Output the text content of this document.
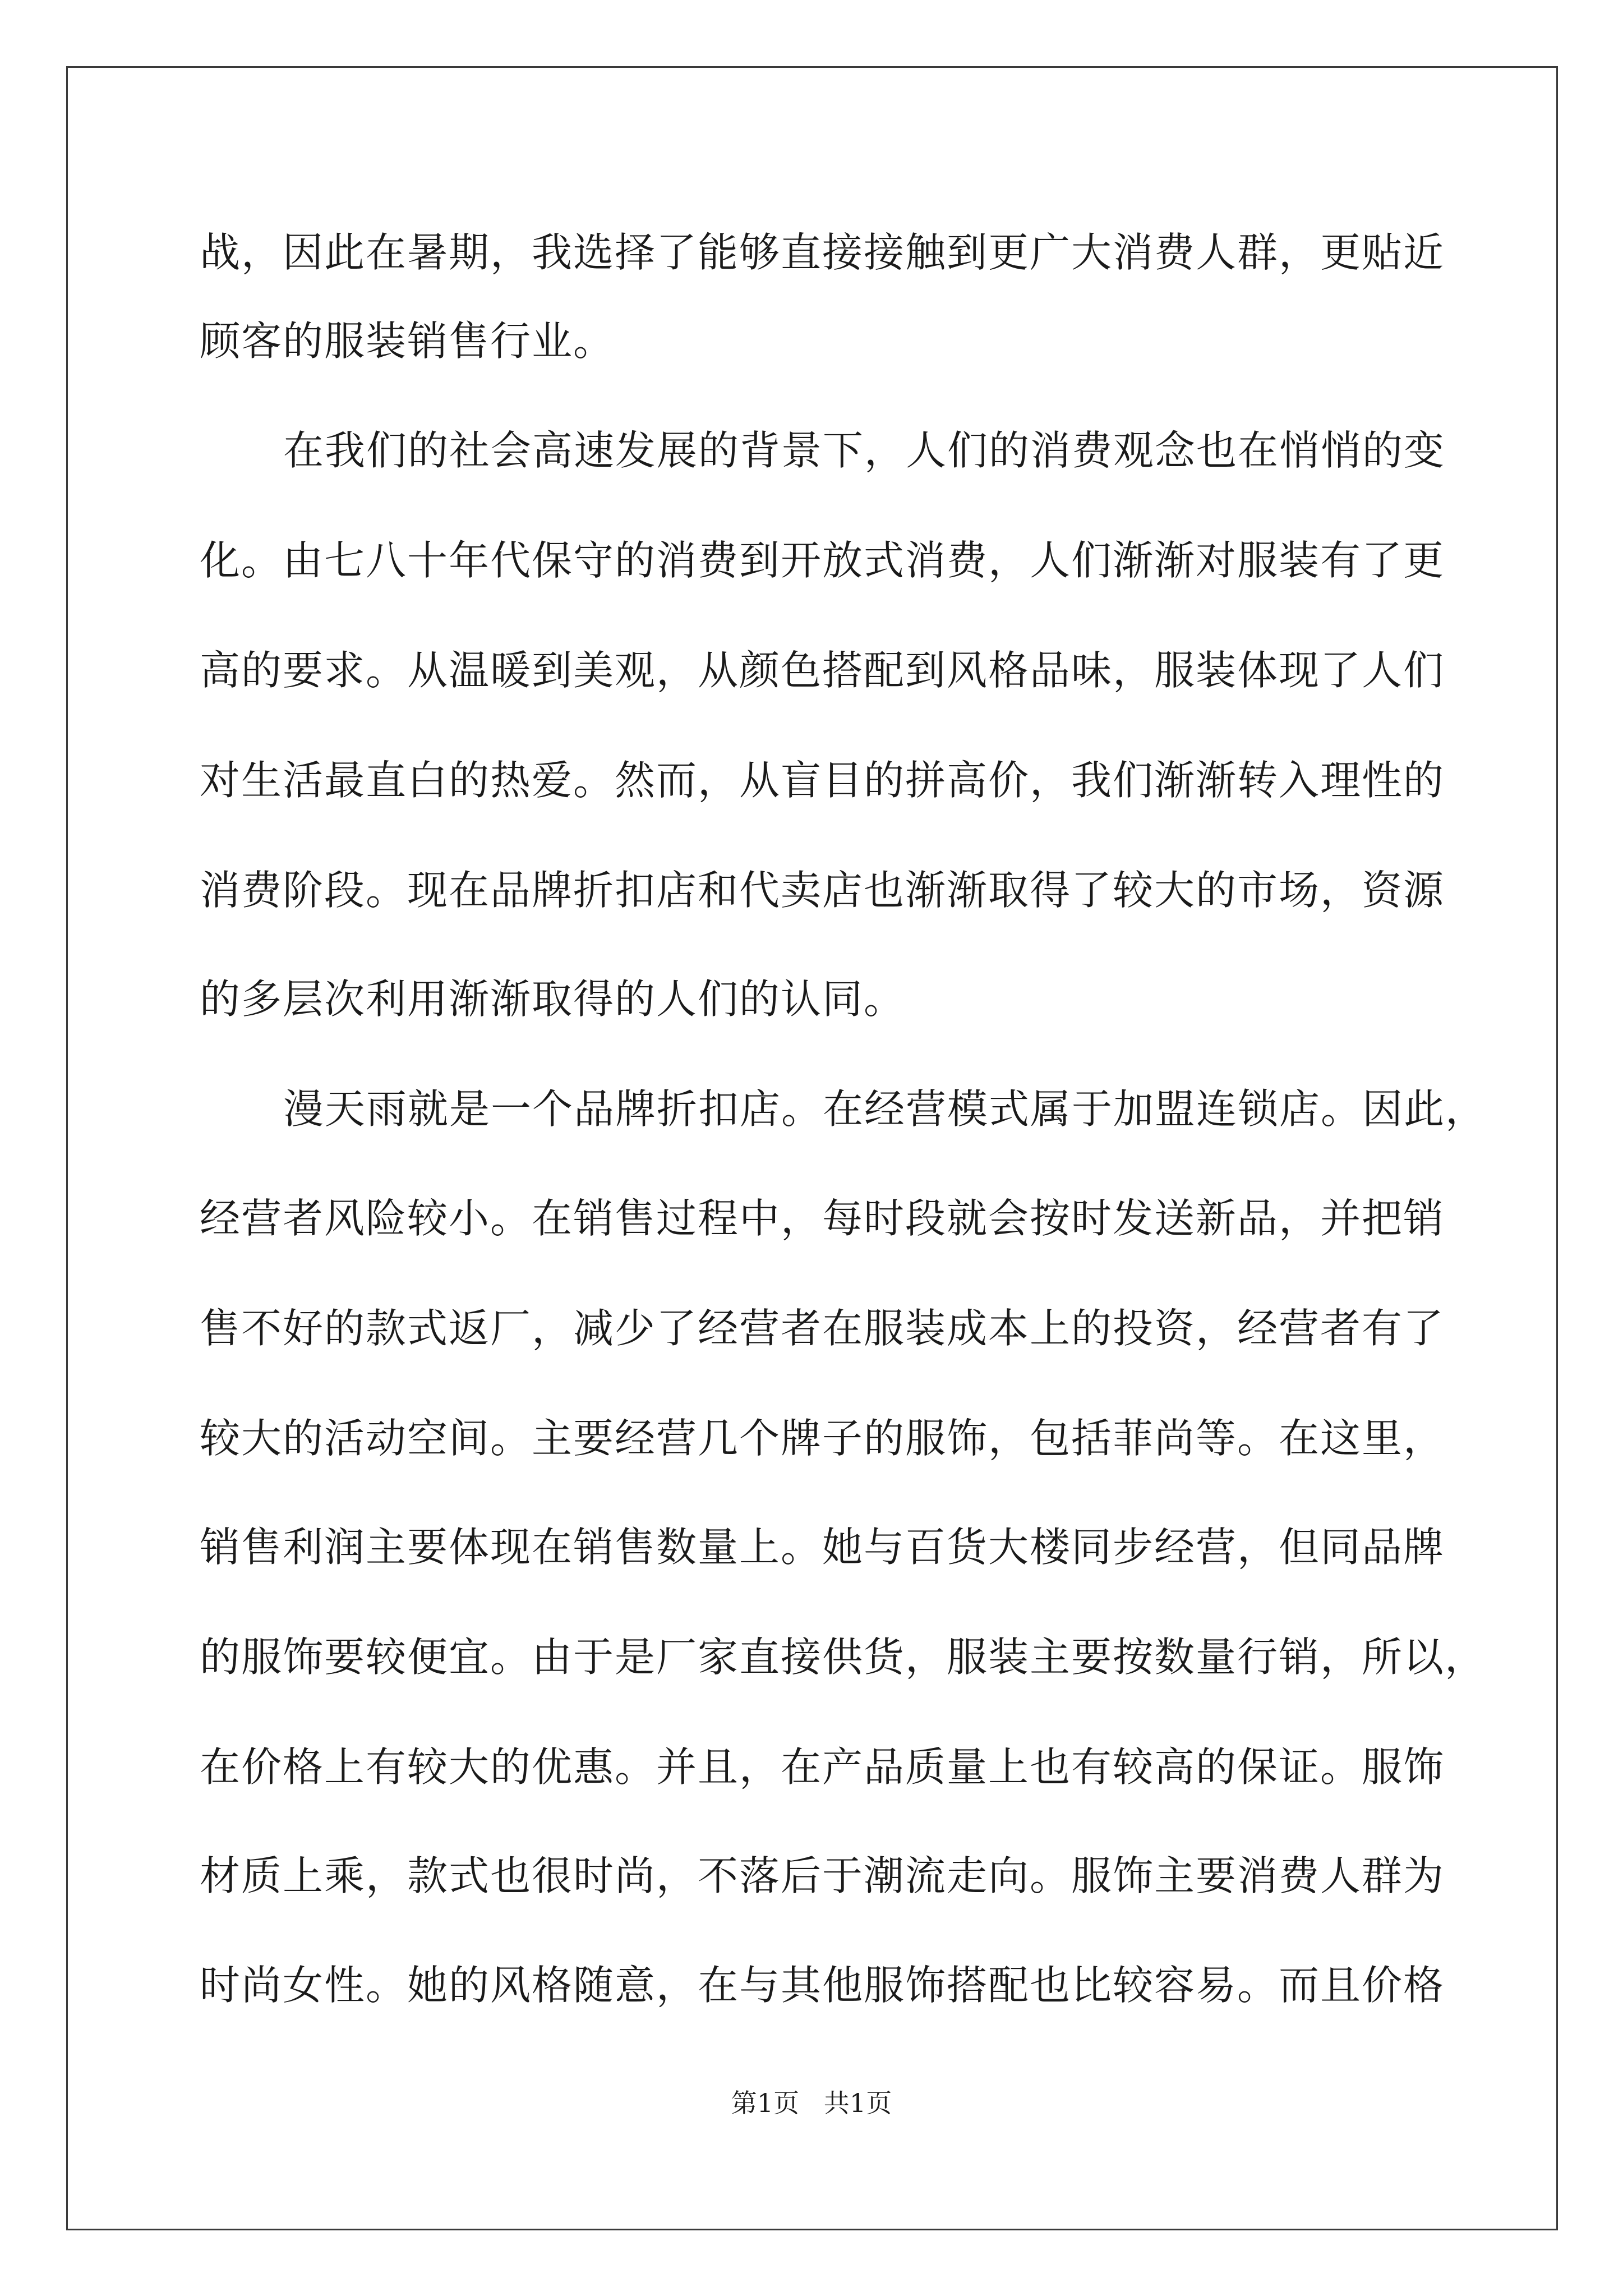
战，因此在暑期，我选择了能够直接接触到更广大消费人群，更贴近
顾客的服装销售行业。
在我们的社会高速发展的背景下，人们的消费观念也在悄悄的变
化。由七八十年代保守的消费到开放式消费，人们渐渐对服装有了更
高的要求。从温暖到美观，从颜色搭配到风格品味，服装体现了人们
对生活最直白的热爱。然而，从盲目的拼高价，我们渐渐转入理性的
消费阶段。现在品牌折扣店和代卖店也渐渐取得了较大的市场，资源
的多层次利用渐渐取得的人们的认同。
漫天雨就是一个品牌折扣店。在经营模式属于加盟连锁店。因此，
经营者风险较小。在销售过程中，每时段就会按时发送新品，并把销
售不好的款式返厂，减少了经营者在服装成本上的投资，经营者有了
较大的活动空间。主要经营几个牌子的服饰，包括菲尚等。在这里，
销售利润主要体现在销售数量上。她与百货大楼同步经营，但同品牌
的服饰要较便宜。由于是厂家直接供货，服装主要按数量行销，所以，
在价格上有较大的优惠。并且，在产品质量上也有较高的保证。服饰
材质上乘，款式也很时尚，不落后于潮流走向。服饰主要消费人群为
时尚女性。她的风格随意，在与其他服饰搭配也比较容易。而且价格
第1页   共1页
